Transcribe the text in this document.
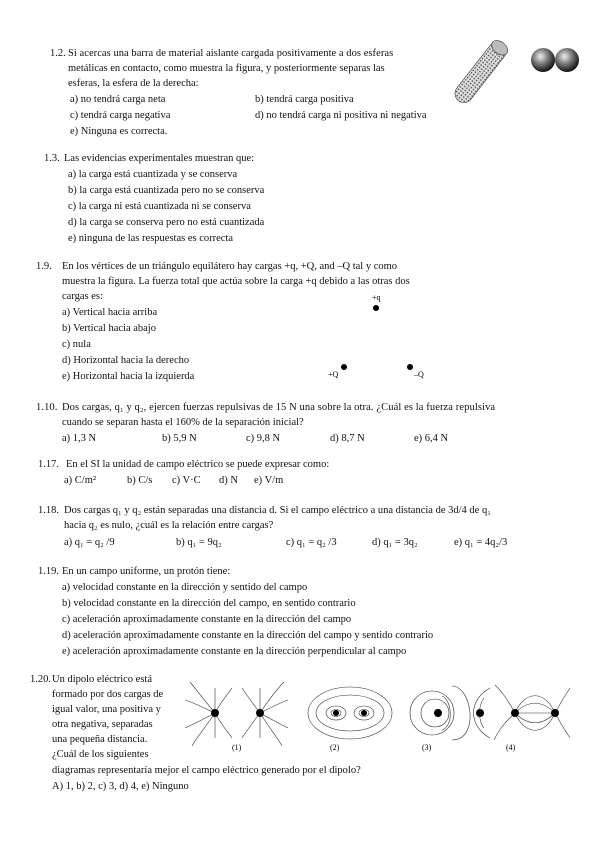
1.2. Si acercas una barra de material aislante cargada positivamente a dos esferas
metálicas en contacto, como muestra la figura, y posteriormente separas las
esferas, la esfera de la derecha:
a) no tendrá carga neta	b) tendrá carga positiva
c) tendrá carga negativa	d) no tendrá carga ni positiva ni negativa
e) Ninguna es correcta.
1.3. Las evidencias experimentales muestran que:
a) la carga está cuantizada y se conserva
b) la carga está cuantizada pero no se conserva
c) la carga ni está cuantizada ni se conserva
d) la carga se conserva pero no está cuantizada
e) ninguna de las respuestas es correcta
1.9. En los vértices de un triángulo equilátero hay cargas +q, +Q, and –Q tal y como
muestra la figura. La fuerza total que actúa sobre la carga +q debido a las otras dos
cargas es:
a) Vertical hacia arriba
b) Vertical hacia abajo
c) nula
d) Horizontal hacia la derecho
e) Horizontal hacia la izquierda
+q
+Q	–Q
1.10. Dos cargas, q₁ y q₂, ejercen fuerzas repulsivas de 15 N una sobre la otra. ¿Cuál es la fuerza repulsiva
cuando se separan hasta el 160% de la separación inicial?
a) 1,3 N	b) 5,9 N	c) 9,8 N	d) 8,7 N	e) 6,4 N
1.17. En el SI la unidad de campo eléctrico se puede expresar como:
a) C/m²	b) C/s c) V·C d) N e) V/m
1.18. Dos cargas q₁ y q₂ están separadas una distancia d. Si el campo eléctrico a una distancia de 3d/4 de q₁
hacia q₂ es nulo, ¿cuál es la relación entre cargas?
a) q₁ = q₂ /9	b) q₁ = 9q₂	c) q₁ = q₂ /3	d) q₁ = 3q₂	e) q₁ = 4q₂/3
1.19. En un campo uniforme, un protón tiene:
a) velocidad constante en la dirección y sentido del campo
b) velocidad constante en la dirección del campo, en sentido contrario
c) aceleración aproximadamente constante en la dirección del campo
d) aceleración aproximadamente constante en la dirección del campo y sentido contrario
e) aceleración aproximadamente constante en la dirección perpendicular al campo
1.20.Un dipolo eléctrico está
formado por dos cargas de
igual valor, una positiva y
otra negativa, separadas
una pequeña distancia.
¿Cuál de los siguientes
diagramas representaría mejor el campo eléctrico generado por el dipolo?
A) 1, b) 2, c) 3, d) 4, e) Ninguno
(1)	(2)	(3)	(4)
